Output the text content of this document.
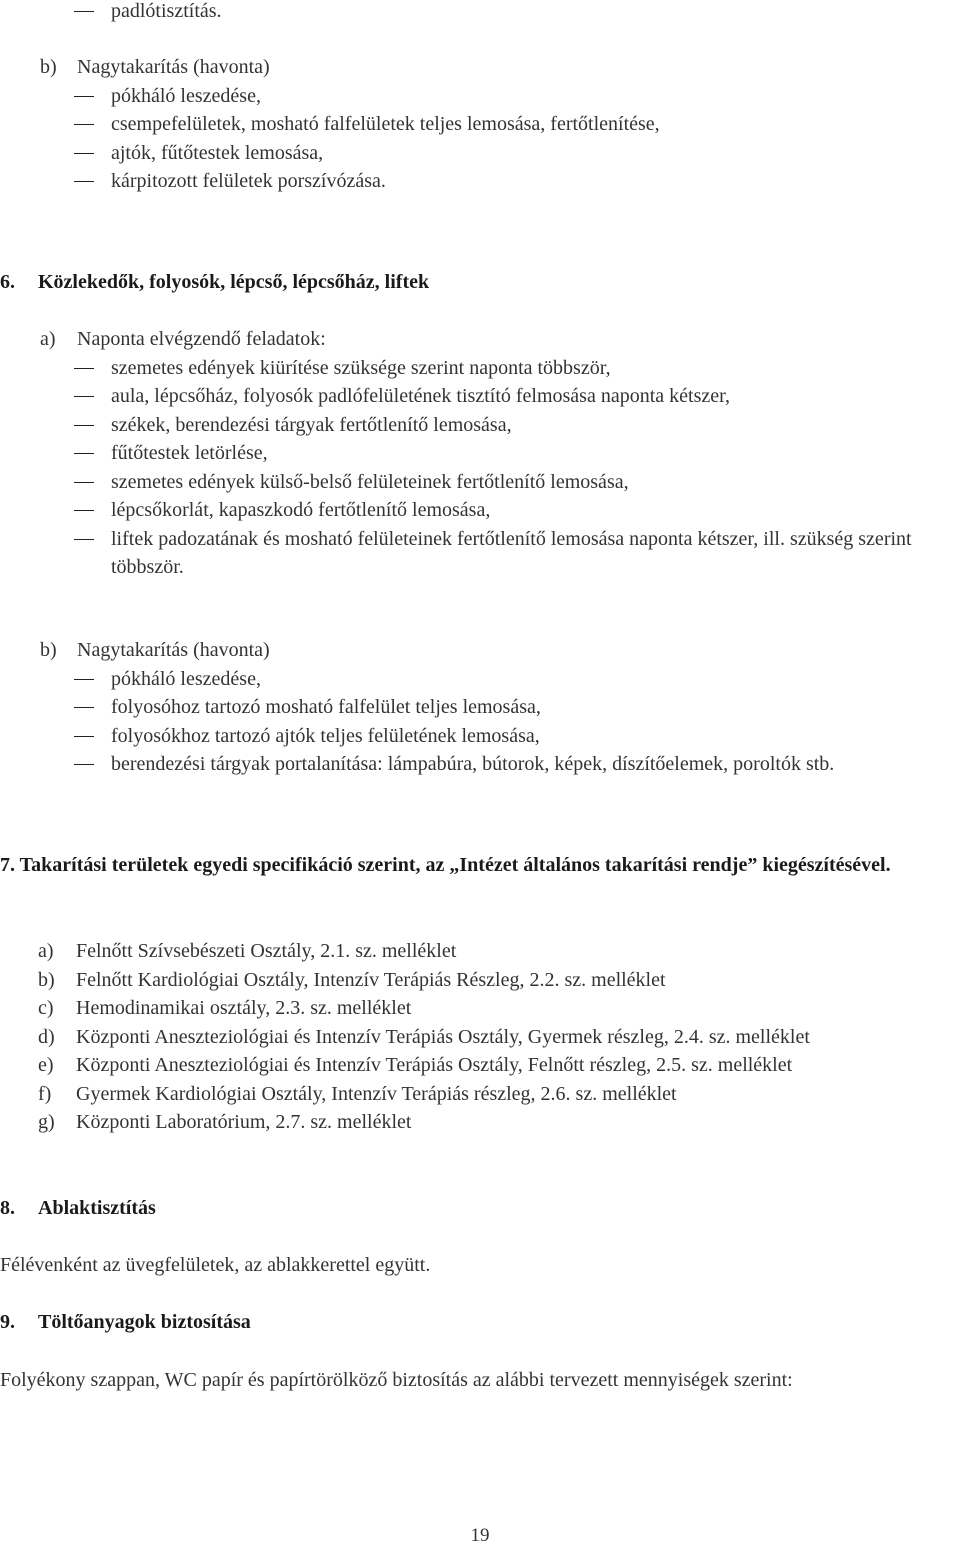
padlótisztítás.
b) Nagytakarítás (havonta)
pókháló leszedése,
csempefelületek, mosható falfelületek teljes lemosása, fertőtlenítése,
ajtók, fűtőtestek lemosása,
kárpitozott felületek porszívózása.
6. Közlekedők, folyosók, lépcső, lépcsőház, liftek
a) Naponta elvégzendő feladatok:
szemetes edények kiürítése szüksége szerint naponta többször,
aula, lépcsőház, folyosók padlófelületének tisztító felmosása naponta kétszer,
székek, berendezési tárgyak fertőtlenítő lemosása,
fűtőtestek letörlése,
szemetes edények külső-belső felületeinek fertőtlenítő lemosása,
lépcsőkorlát, kapaszkodó fertőtlenítő lemosása,
liftek padozatának és mosható felületeinek fertőtlenítő lemosása naponta kétszer, ill. szükség szerint többször.
b) Nagytakarítás (havonta)
pókháló leszedése,
folyosóhoz tartozó mosható falfelület teljes lemosása,
folyosókhoz tartozó ajtók teljes felületének lemosása,
berendezési tárgyak portalanítása: lámpabúra, bútorok, képek, díszítőelemek, poroltók stb.
7. Takarítási területek egyedi specifikáció szerint, az „Intézet általános takarítási rendje” kiegészítésével.
a) Felnőtt Szívsebészeti Osztály, 2.1. sz. melléklet
b) Felnőtt Kardiológiai Osztály, Intenzív Terápiás Részleg, 2.2. sz. melléklet
c) Hemodinamikai osztály, 2.3. sz. melléklet
d) Központi Aneszteziológiai és Intenzív Terápiás Osztály, Gyermek részleg, 2.4. sz. melléklet
e) Központi Aneszteziológiai és Intenzív Terápiás Osztály, Felnőtt részleg, 2.5. sz. melléklet
f) Gyermek Kardiológiai Osztály, Intenzív Terápiás részleg, 2.6. sz. melléklet
g) Központi Laboratórium, 2.7. sz. melléklet
8. Ablaktisztítás
Félévenként az üvegfelületek, az ablakkerettel együtt.
9. Töltőanyagok biztosítása
Folyékony szappan, WC papír és papírtörölköző biztosítás az alábbi tervezett mennyiségek szerint:
19
